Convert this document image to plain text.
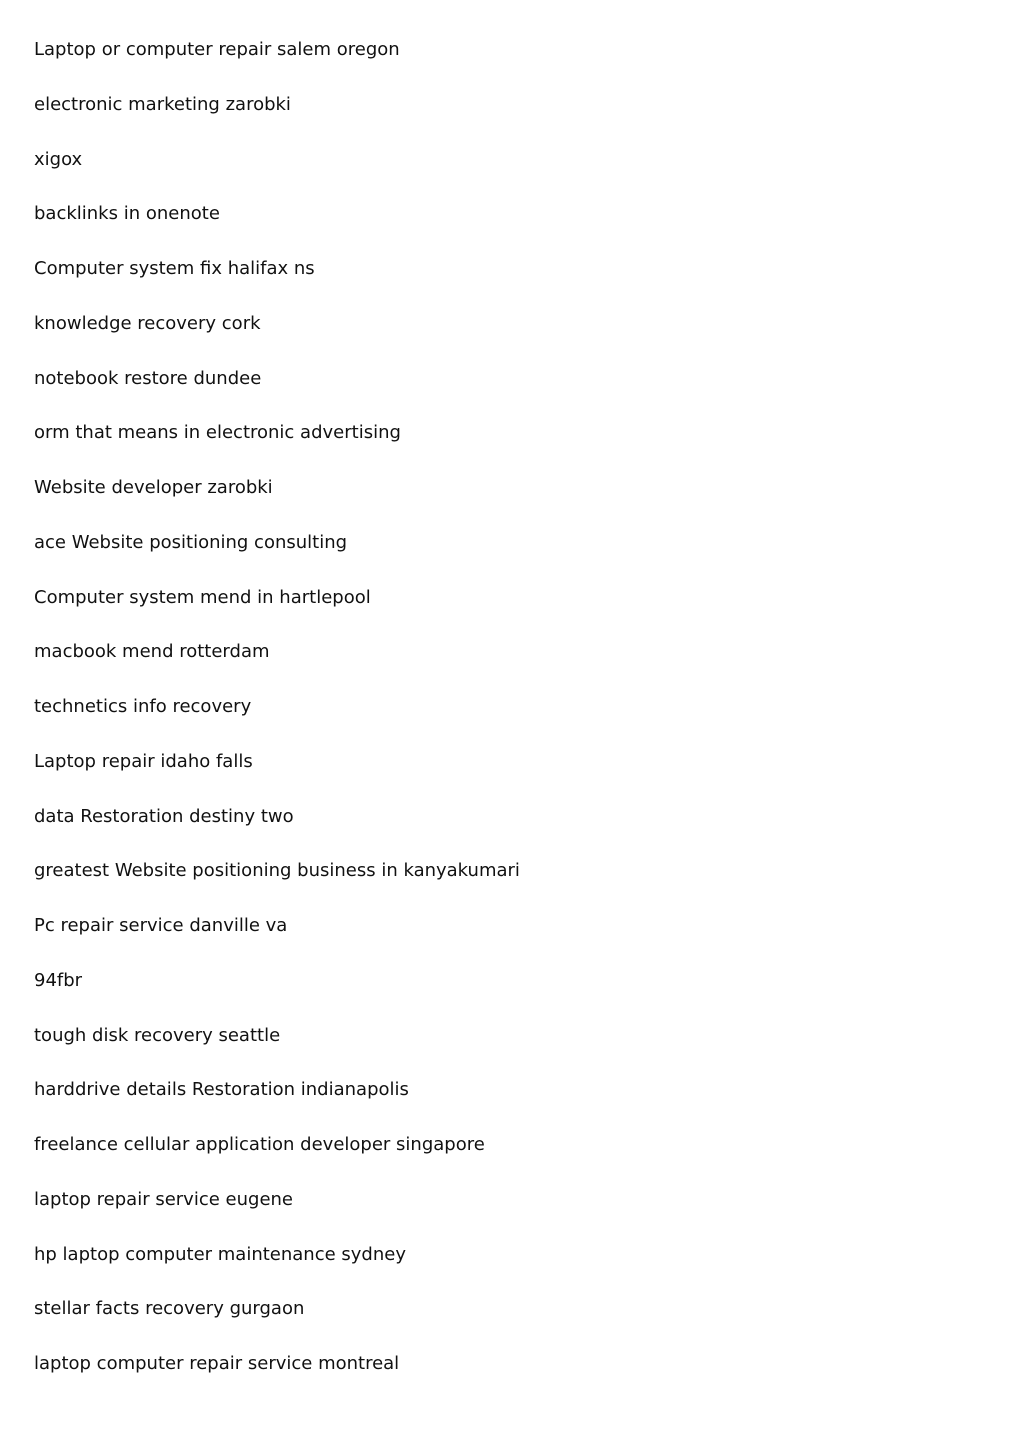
Laptop or computer repair salem oregon
electronic marketing zarobki
xigox
backlinks in onenote
Computer system fix halifax ns
knowledge recovery cork
notebook restore dundee
orm that means in electronic advertising
Website developer zarobki
ace Website positioning consulting
Computer system mend in hartlepool
macbook mend rotterdam
technetics info recovery
Laptop repair idaho falls
data Restoration destiny two
greatest Website positioning business in kanyakumari
Pc repair service danville va
94fbr
tough disk recovery seattle
harddrive details Restoration indianapolis
freelance cellular application developer singapore
laptop repair service eugene
hp laptop computer maintenance sydney
stellar facts recovery gurgaon
laptop computer repair service montreal
